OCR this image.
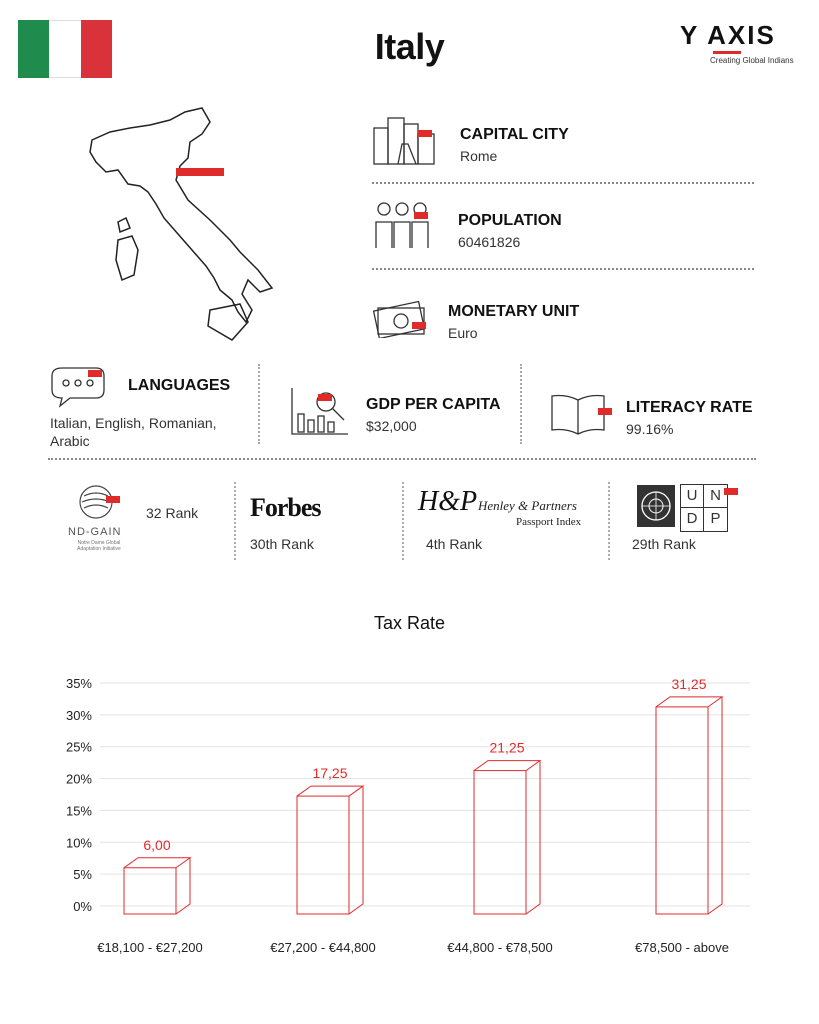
Italy	Y AXIS
Creating Global Indians
CAPITAL CITY
Rome
POPULATION
60461826
MONETARY UNIT
Euro
LANGUAGES
Italian, English, Romanian, Arabic
GDP PER CAPITA
$32,000
LITERACY RATE
99.16%
ND-GAIN
Notre Dame Global Adaptation Initiative
32 Rank Forbes
30th Rank
H&P Henley & Partners
Passport Index
4th Rank
U N
D P
29th Rank
Tax Rate
0%
5%
10%
15%
20%
25%
30%
35%
6,00
€18,100 - €27,200
17,25
€27,200 - €44,800
21,25
€44,800 - €78,500
31,25
€78,500 - above
